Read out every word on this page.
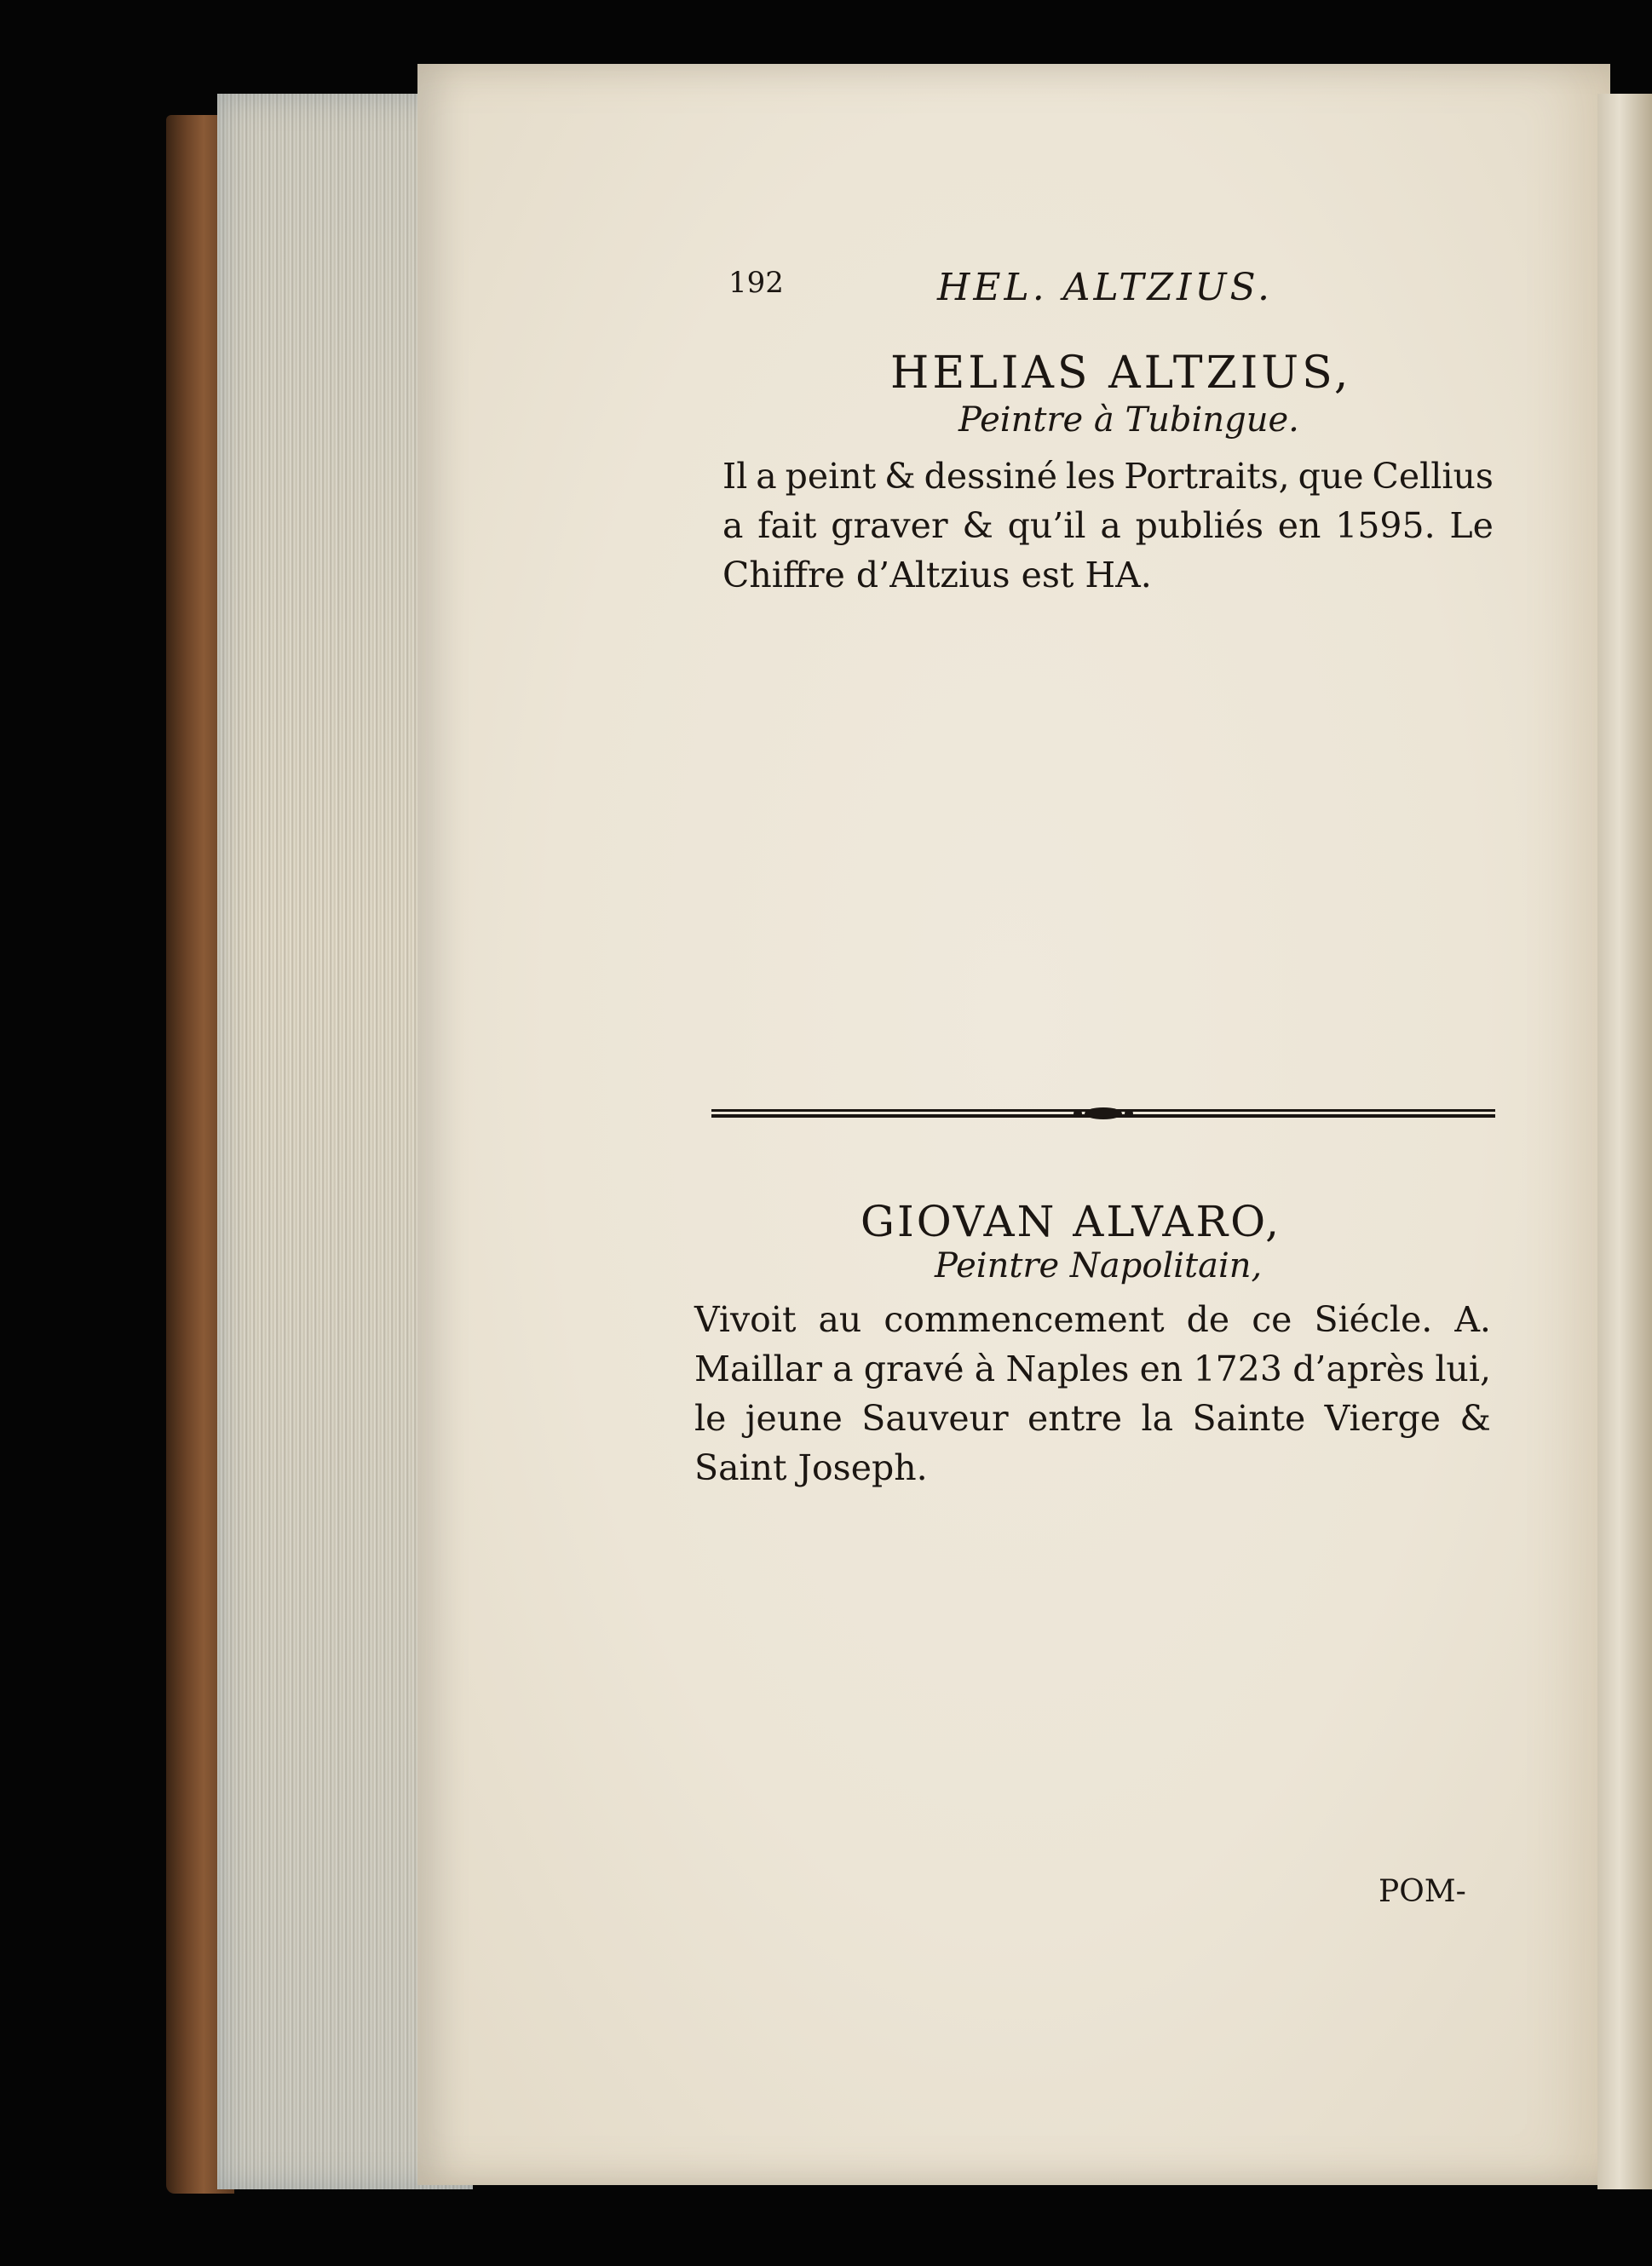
192	HEL. ALTZIUS.
HELIAS ALTZIUS,
Peintre à Tubingue.
Il a peint & dessiné les Portraits, que Cellius
a fait graver & qu’il a publiés en 1595. Le
Chiffre d’Altzius est HA.
GIOVAN ALVARO,
Peintre Napolitain,
Vivoit au commencement de ce Siécle. A.
Maillar a gravé à Naples en 1723 d’après lui,
le jeune Sauveur entre la Sainte Vierge &
Saint Joseph.
POM-
